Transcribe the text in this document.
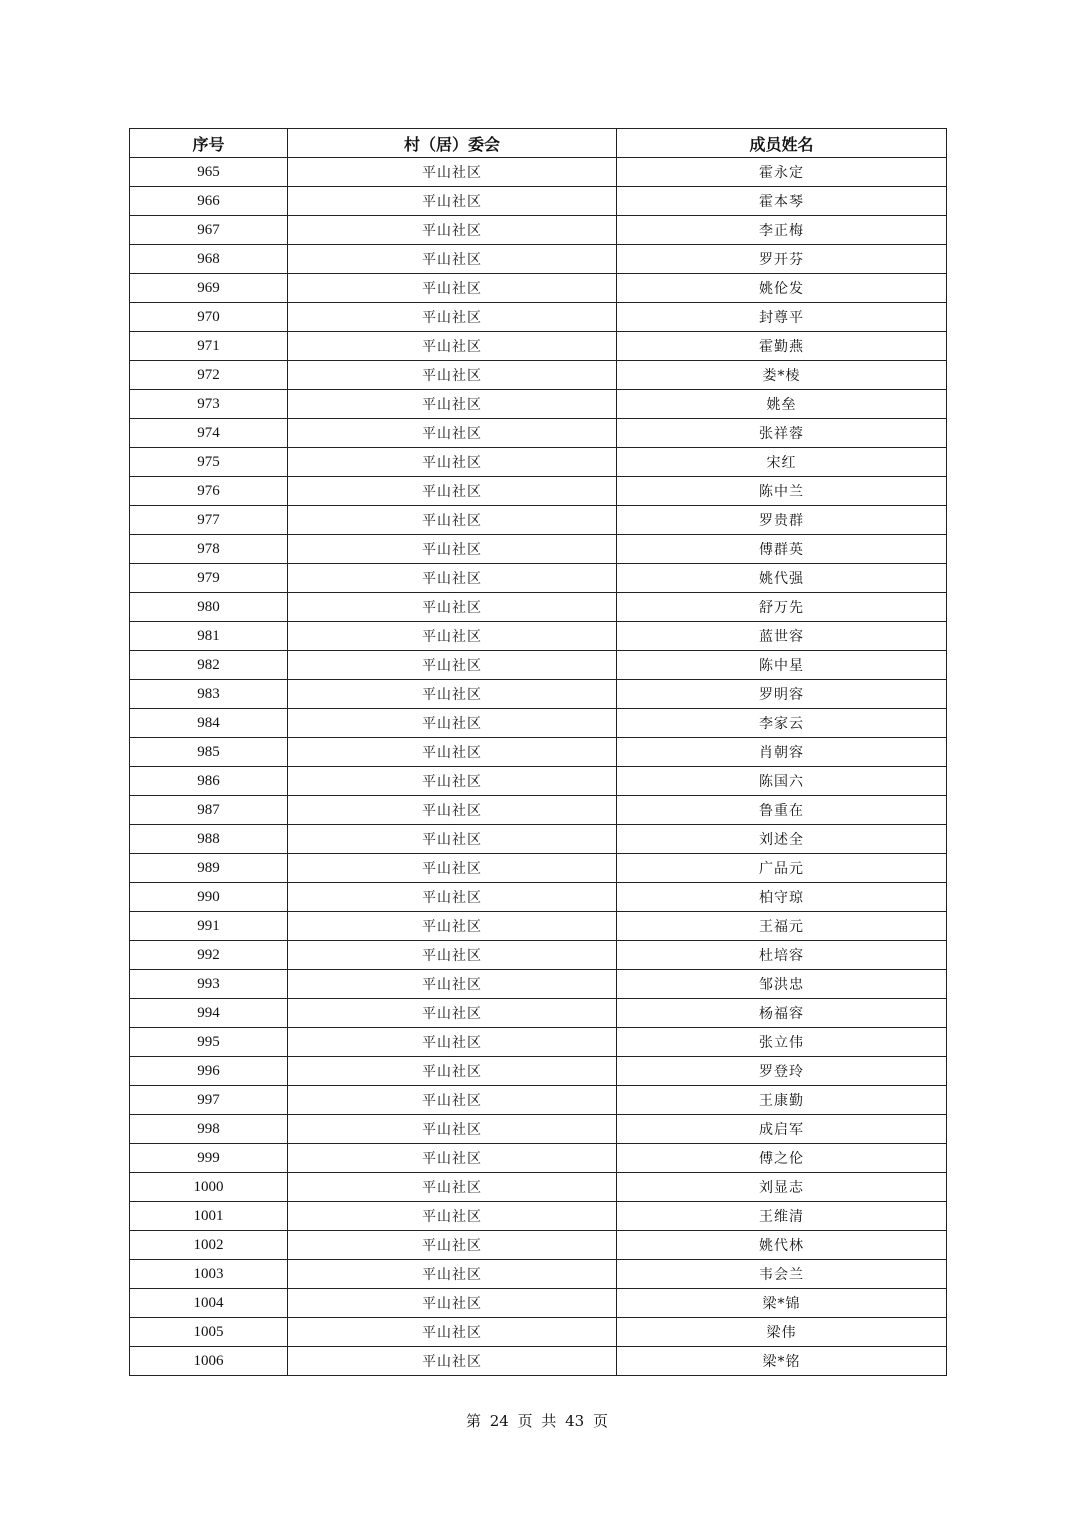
序号	村（居）委会	成员姓名
965	平山社区	霍永定
966	平山社区	霍本琴
967	平山社区	李正梅
968	平山社区	罗开芬
969	平山社区	姚伦发
970	平山社区	封尊平
971	平山社区	霍勤燕
972	平山社区	娄*棱
973	平山社区	姚垒
974	平山社区	张祥蓉
975	平山社区	宋红
976	平山社区	陈中兰
977	平山社区	罗贵群
978	平山社区	傅群英
979	平山社区	姚代强
980	平山社区	舒万先
981	平山社区	蓝世容
982	平山社区	陈中星
983	平山社区	罗明容
984	平山社区	李家云
985	平山社区	肖朝容
986	平山社区	陈国六
987	平山社区	鲁重在
988	平山社区	刘述全
989	平山社区	广品元
990	平山社区	柏守琼
991	平山社区	王福元
992	平山社区	杜培容
993	平山社区	邹洪忠
994	平山社区	杨福容
995	平山社区	张立伟
996	平山社区	罗登玲
997	平山社区	王康勤
998	平山社区	成启军
999	平山社区	傅之伦
1000	平山社区	刘显志
1001	平山社区	王维清
1002	平山社区	姚代林
1003	平山社区	韦会兰
1004	平山社区	梁*锦
1005	平山社区	梁伟
1006	平山社区	梁*铭
第 24 页 共 43 页
